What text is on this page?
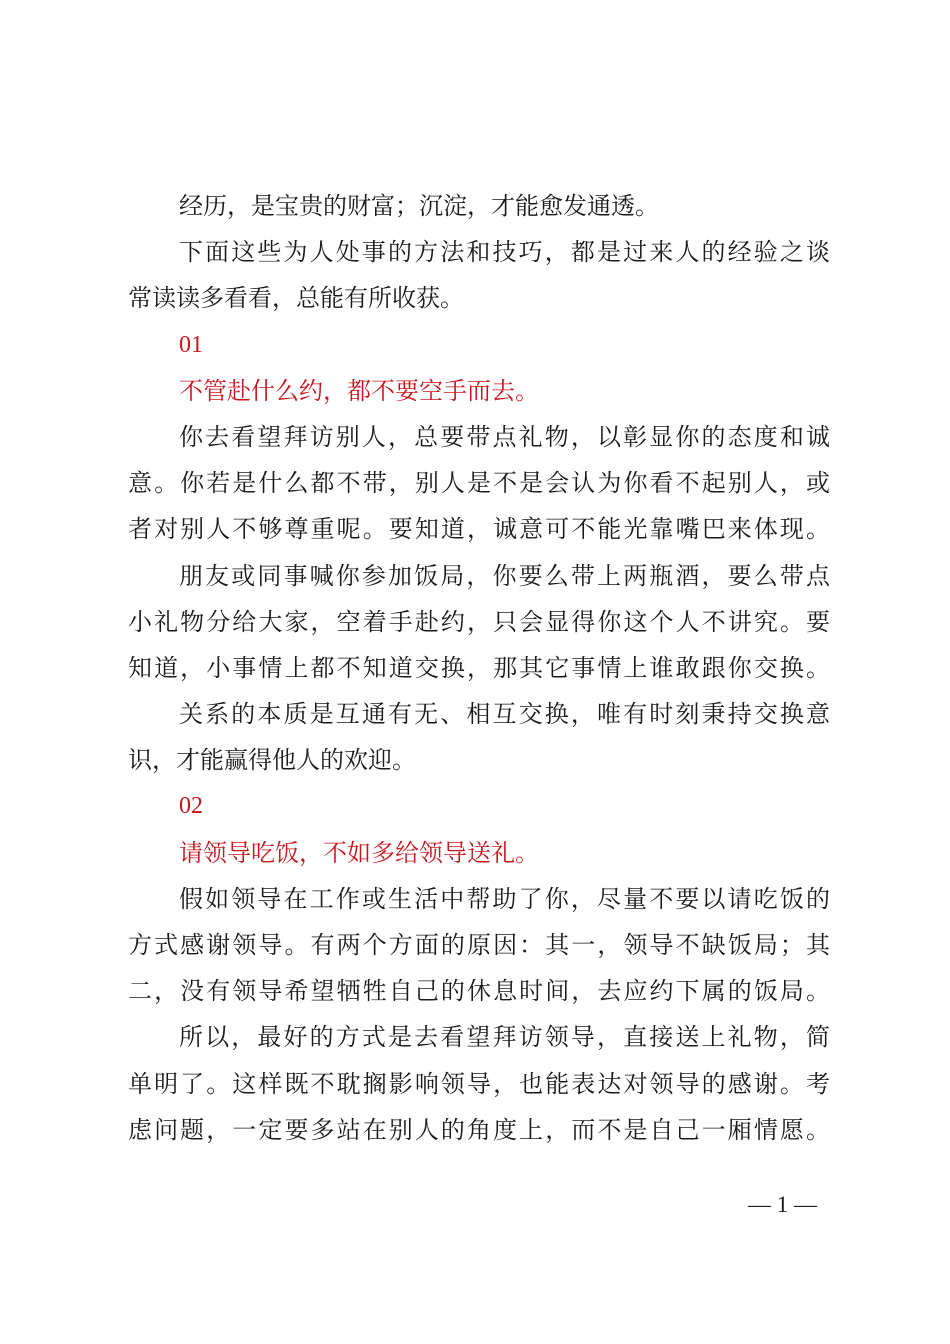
经历，是宝贵的财富；沉淀，才能愈发通透。
下面这些为人处事的方法和技巧，都是过来人的经验之谈
常读读多看看，总能有所收获。
01
不管赴什么约，都不要空手而去。
你去看望拜访别人，总要带点礼物，以彰显你的态度和诚
意。你若是什么都不带，别人是不是会认为你看不起别人，或
者对别人不够尊重呢。要知道，诚意可不能光靠嘴巴来体现。
朋友或同事喊你参加饭局，你要么带上两瓶酒，要么带点
小礼物分给大家，空着手赴约，只会显得你这个人不讲究。要
知道，小事情上都不知道交换，那其它事情上谁敢跟你交换。
关系的本质是互通有无、相互交换，唯有时刻秉持交换意
识，才能赢得他人的欢迎。
02
请领导吃饭，不如多给领导送礼。
假如领导在工作或生活中帮助了你，尽量不要以请吃饭的
方式感谢领导。有两个方面的原因：其一，领导不缺饭局；其
二，没有领导希望牺牲自己的休息时间，去应约下属的饭局。
所以，最好的方式是去看望拜访领导，直接送上礼物，简
单明了。这样既不耽搁影响领导，也能表达对领导的感谢。考
虑问题，一定要多站在别人的角度上，而不是自己一厢情愿。
— 1 —
